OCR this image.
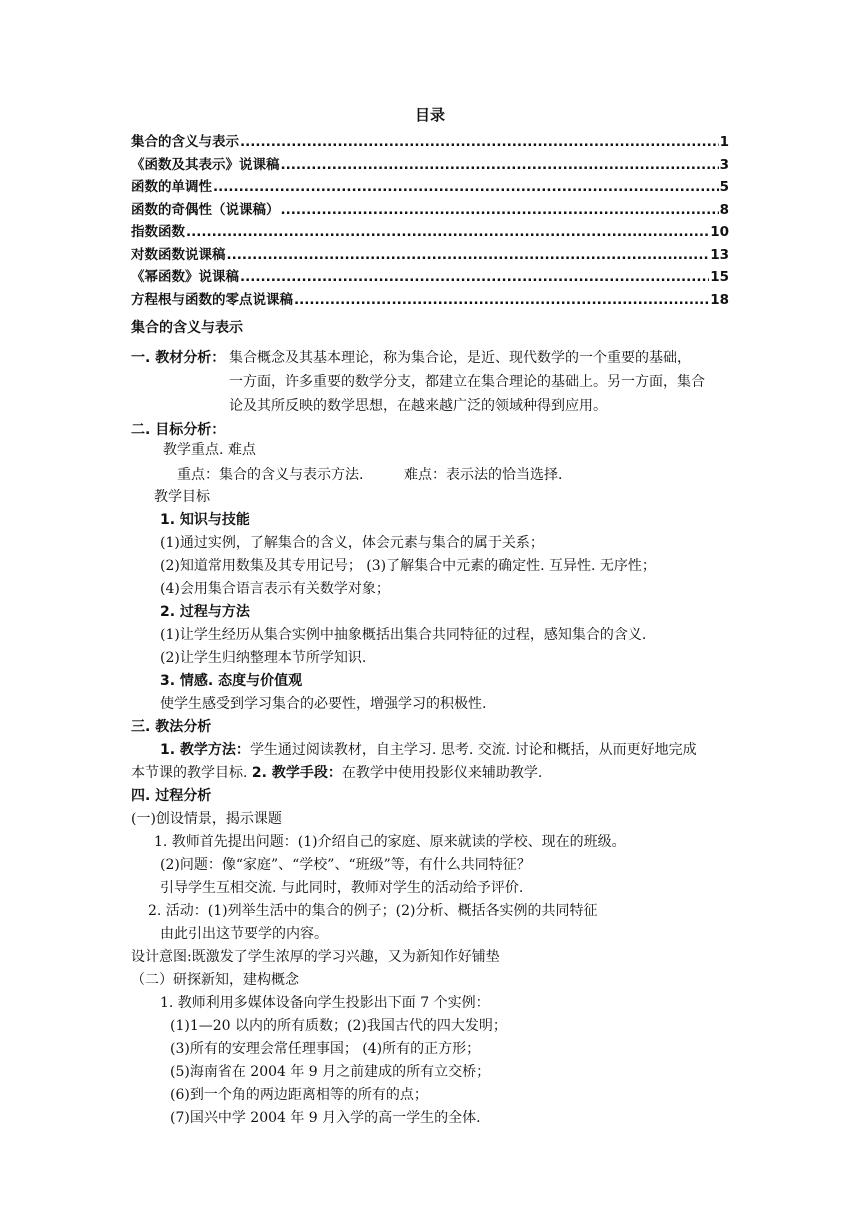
目录
集合的含义与表示 .....	1
《函数及其表示》说课稿 .....	3
函数的单调性 .....	5
函数的奇偶性（说课稿） .....	8
指数函数 .....	10
对数函数说课稿 .....	13
《幂函数》说课稿 .....	15
方程根与函数的零点说课稿 .....	18
集合的含义与表示
一. 教材分析： 集合概念及其基本理论，称为集合论，是近、现代数学的一个重要的基础，
一方面，许多重要的数学分支，都建立在集合理论的基础上。另一方面，集合
论及其所反映的数学思想，在越来越广泛的领域种得到应用。
二. 目标分析：
教学重点. 难点
重点：集合的含义与表示方法.	难点：表示法的恰当选择.
教学目标
1. 知识与技能
(1)通过实例，了解集合的含义，体会元素与集合的属于关系；
(2)知道常用数集及其专用记号； (3)了解集合中元素的确定性. 互异性. 无序性；
(4)会用集合语言表示有关数学对象；
2. 过程与方法
(1)让学生经历从集合实例中抽象概括出集合共同特征的过程，感知集合的含义.
(2)让学生归纳整理本节所学知识.
3. 情感. 态度与价值观
使学生感受到学习集合的必要性，增强学习的积极性.
三. 教法分析
1. 教学方法：学生通过阅读教材，自主学习. 思考. 交流. 讨论和概括，从而更好地完成
本节课的教学目标. 2. 教学手段：在教学中使用投影仪来辅助教学.
四. 过程分析
(一)创设情景，揭示课题
1. 教师首先提出问题：(1)介绍自己的家庭、原来就读的学校、现在的班级。
(2)问题：像“家庭”、“学校”、“班级”等，有什么共同特征？
引导学生互相交流. 与此同时，教师对学生的活动给予评价.
2. 活动：(1)列举生活中的集合的例子；(2)分析、概括各实例的共同特征
由此引出这节要学的内容。
设计意图:既激发了学生浓厚的学习兴趣，又为新知作好铺垫
（二）研探新知，建构概念
1. 教师利用多媒体设备向学生投影出下面 7 个实例：
(1)1—20 以内的所有质数；(2)我国古代的四大发明；
(3)所有的安理会常任理事国； (4)所有的正方形；
(5)海南省在 2004 年 9 月之前建成的所有立交桥；
(6)到一个角的两边距离相等的所有的点；
(7)国兴中学 2004 年 9 月入学的高一学生的全体.
